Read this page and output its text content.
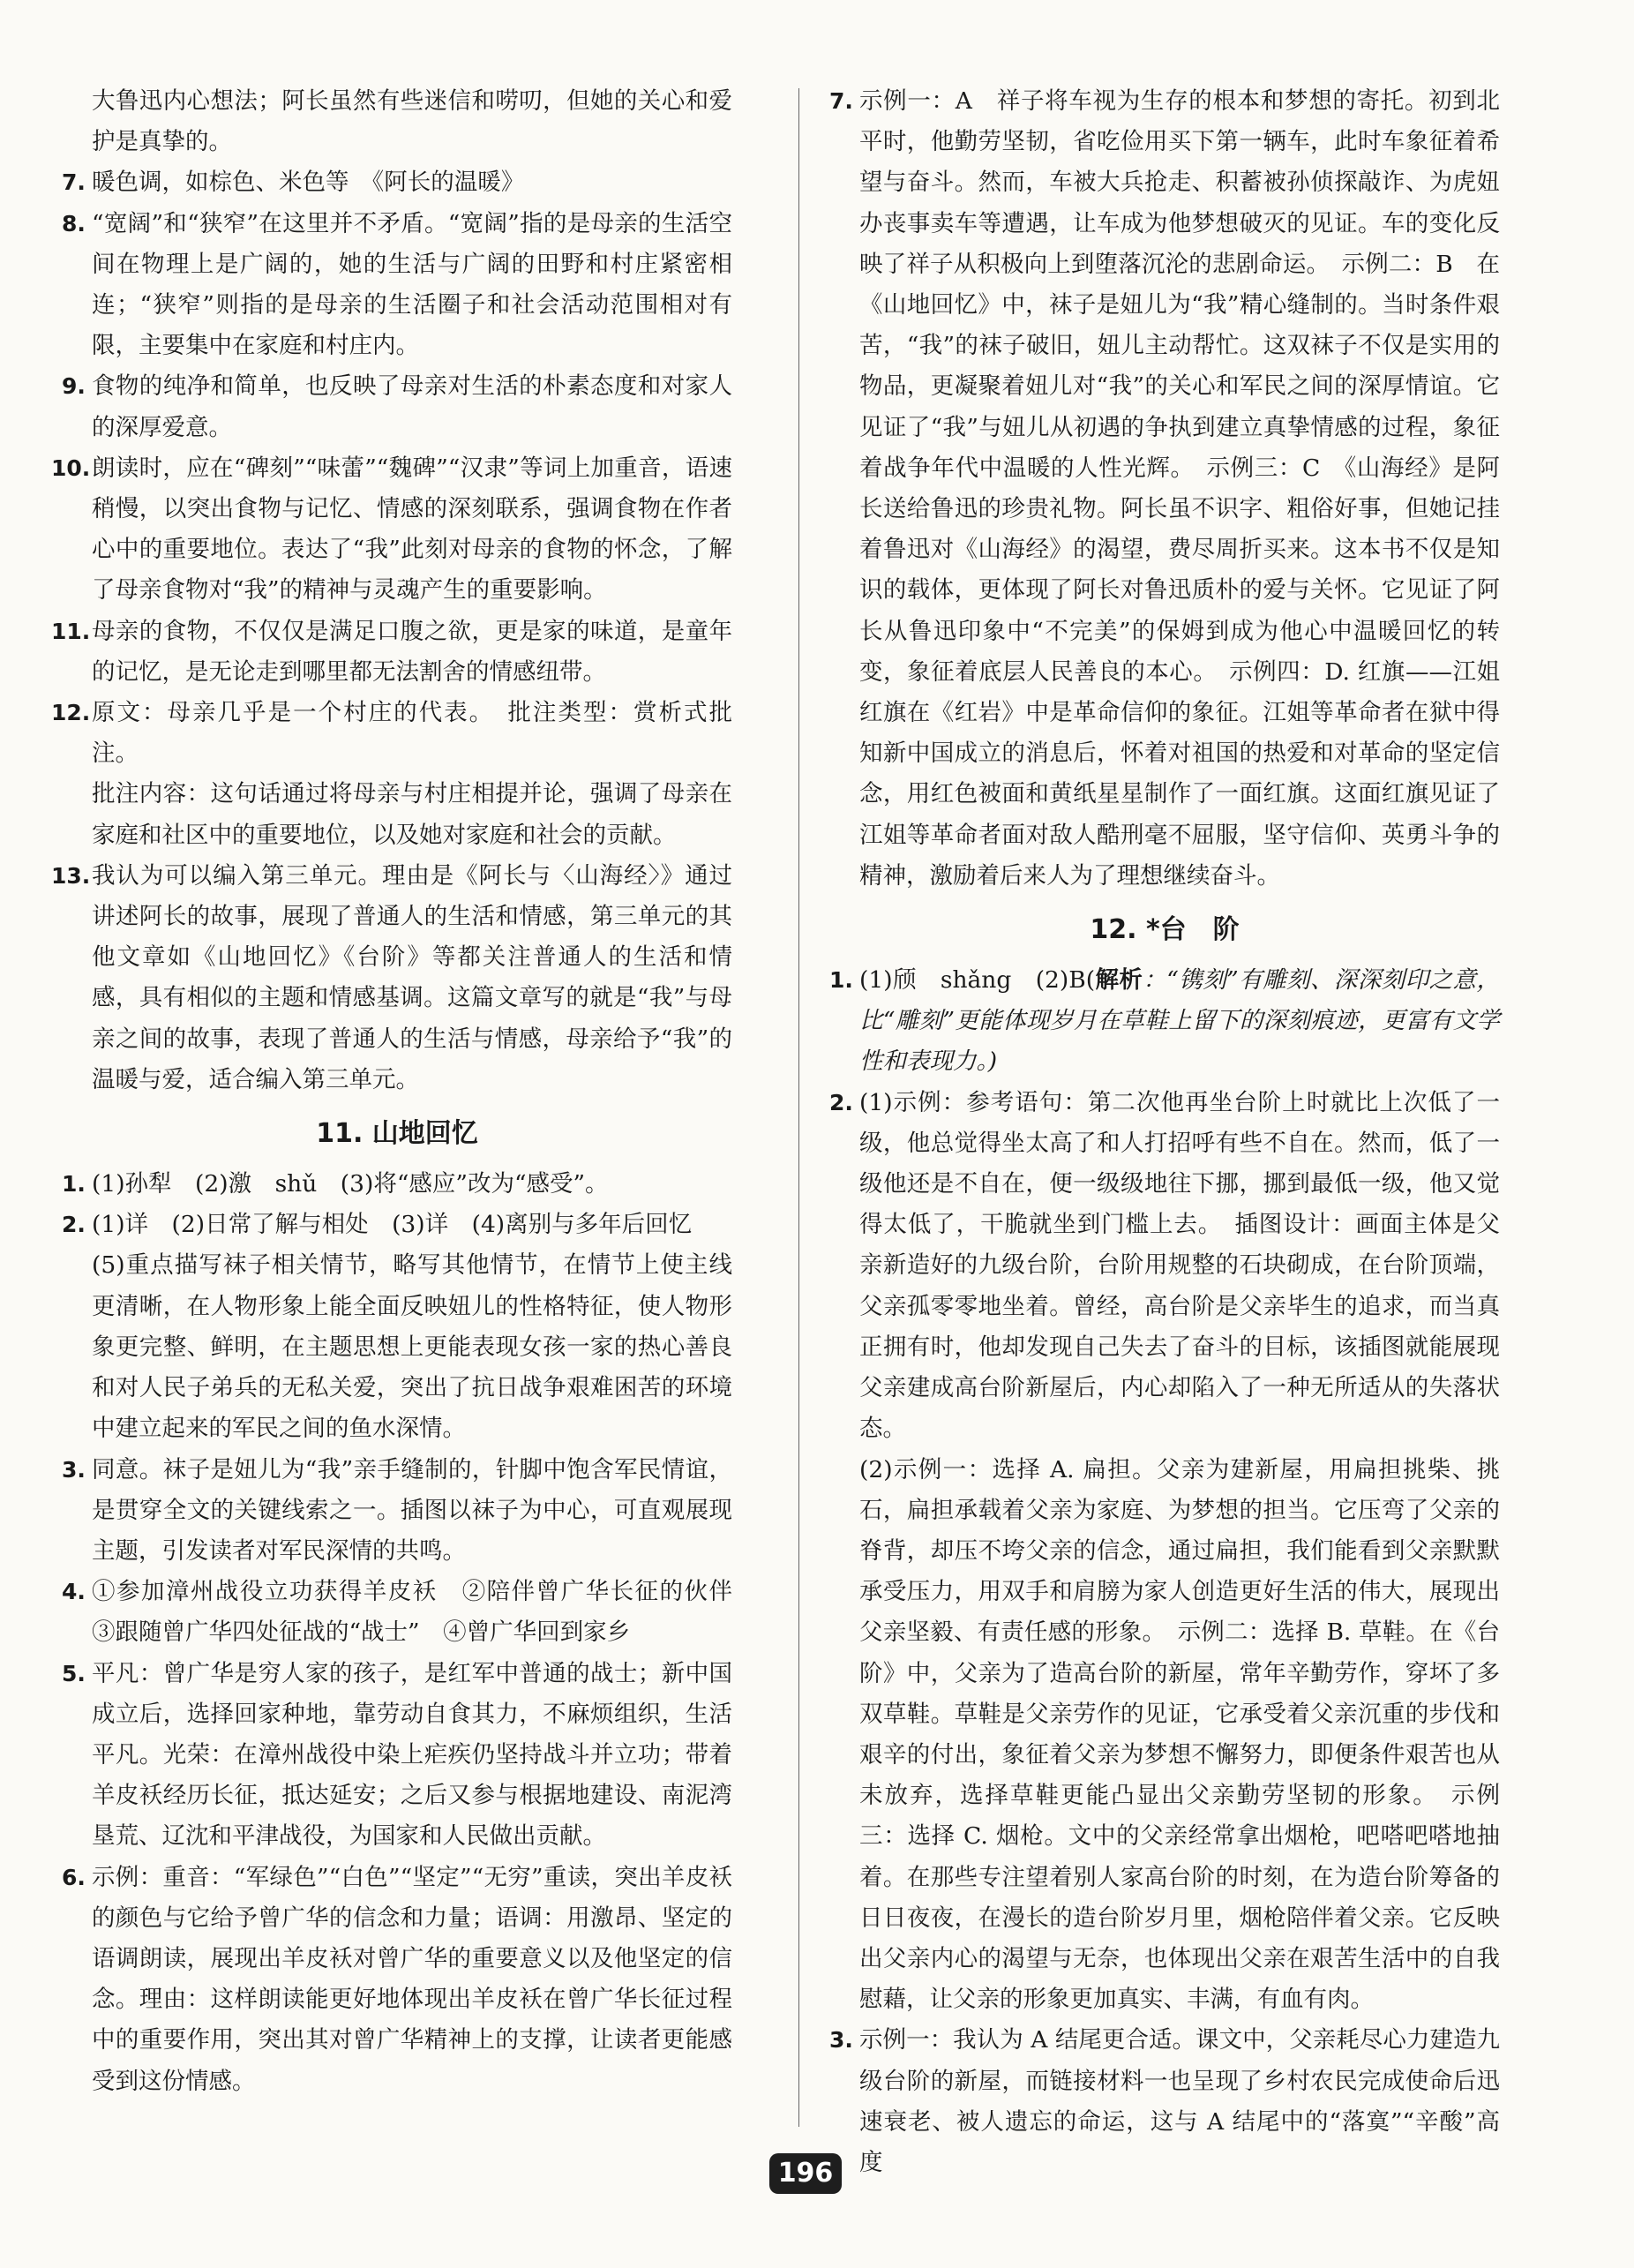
大鲁迅内心想法；阿长虽然有些迷信和唠叨，但她的关心和爱护是真挚的。

7. 暖色调，如棕色、米色等　《阿长的温暖》

8. “宽阔”和“狭窄”在这里并不矛盾。“宽阔”指的是母亲的生活空间在物理上是广阔的，她的生活与广阔的田野和村庄紧密相连；“狭窄”则指的是母亲的生活圈子和社会活动范围相对有限，主要集中在家庭和村庄内。

9. 食物的纯净和简单，也反映了母亲对生活的朴素态度和对家人的深厚爱意。

10. 朗读时，应在“碑刻”“味蕾”“魏碑”“汉隶”等词上加重音，语速稍慢，以突出食物与记忆、情感的深刻联系，强调食物在作者心中的重要地位。表达了“我”此刻对母亲的食物的怀念，了解了母亲食物对“我”的精神与灵魂产生的重要影响。

11. 母亲的食物，不仅仅是满足口腹之欲，更是家的味道，是童年的记忆，是无论走到哪里都无法割舍的情感纽带。

12. 原文：母亲几乎是一个村庄的代表。　批注类型：赏析式批注。

批注内容：这句话通过将母亲与村庄相提并论，强调了母亲在家庭和社区中的重要地位，以及她对家庭和社会的贡献。

13. 我认为可以编入第三单元。理由是《阿长与〈山海经〉》通过讲述阿长的故事，展现了普通人的生活和情感，第三单元的其他文章如《山地回忆》《台阶》等都关注普通人的生活和情感，具有相似的主题和情感基调。这篇文章写的就是“我”与母亲之间的故事，表现了普通人的生活与情感，母亲给予“我”的温暖与爱，适合编入第三单元。

11. 山地回忆

1. (1)孙犁　(2)激　shǔ　(3)将“感应”改为“感受”。

2. (1)详　(2)日常了解与相处　(3)详　(4)离别与多年后回忆

(5)重点描写袜子相关情节，略写其他情节，在情节上使主线更清晰，在人物形象上能全面反映妞儿的性格特征，使人物形象更完整、鲜明，在主题思想上更能表现女孩一家的热心善良和对人民子弟兵的无私关爱，突出了抗日战争艰难困苦的环境中建立起来的军民之间的鱼水深情。

3. 同意。袜子是妞儿为“我”亲手缝制的，针脚中饱含军民情谊，是贯穿全文的关键线索之一。插图以袜子为中心，可直观展现主题，引发读者对军民深情的共鸣。

4. ①参加漳州战役立功获得羊皮袄　②陪伴曾广华长征的伙伴　③跟随曾广华四处征战的“战士”　④曾广华回到家乡

5. 平凡：曾广华是穷人家的孩子，是红军中普通的战士；新中国成立后，选择回家种地，靠劳动自食其力，不麻烦组织，生活平凡。光荣：在漳州战役中染上疟疾仍坚持战斗并立功；带着羊皮袄经历长征，抵达延安；之后又参与根据地建设、南泥湾垦荒、辽沈和平津战役，为国家和人民做出贡献。

6. 示例：重音：“军绿色”“白色”“坚定”“无穷”重读，突出羊皮袄的颜色与它给予曾广华的信念和力量；语调：用激昂、坚定的语调朗读，展现出羊皮袄对曾广华的重要意义以及他坚定的信念。理由：这样朗读能更好地体现出羊皮袄在曾广华长征过程中的重要作用，突出其对曾广华精神上的支撑，让读者更能感受到这份情感。

7. 示例一：A　祥子将车视为生存的根本和梦想的寄托。初到北平时，他勤劳坚韧，省吃俭用买下第一辆车，此时车象征着希望与奋斗。然而，车被大兵抢走、积蓄被孙侦探敲诈、为虎妞办丧事卖车等遭遇，让车成为他梦想破灭的见证。车的变化反映了祥子从积极向上到堕落沉沦的悲剧命运。　示例二：B　在《山地回忆》中，袜子是妞儿为“我”精心缝制的。当时条件艰苦，“我”的袜子破旧，妞儿主动帮忙。这双袜子不仅是实用的物品，更凝聚着妞儿对“我”的关心和军民之间的深厚情谊。它见证了“我”与妞儿从初遇的争执到建立真挚情感的过程，象征着战争年代中温暖的人性光辉。　示例三：C　《山海经》是阿长送给鲁迅的珍贵礼物。阿长虽不识字、粗俗好事，但她记挂着鲁迅对《山海经》的渴望，费尽周折买来。这本书不仅是知识的载体，更体现了阿长对鲁迅质朴的爱与关怀。它见证了阿长从鲁迅印象中“不完美”的保姆到成为他心中温暖回忆的转变，象征着底层人民善良的本心。　示例四：D. 红旗——江姐红旗在《红岩》中是革命信仰的象征。江姐等革命者在狱中得知新中国成立的消息后，怀着对祖国的热爱和对革命的坚定信念，用红色被面和黄纸星星制作了一面红旗。这面红旗见证了江姐等革命者面对敌人酷刑毫不屈服，坚守信仰、英勇斗争的精神，激励着后来人为了理想继续奋斗。

12. *台　阶

1. (1)颀　shǎng　(2)B(解析：“镌刻”有雕刻、深深刻印之意，比“雕刻”更能体现岁月在草鞋上留下的深刻痕迹，更富有文学性和表现力。)

2. (1)示例：参考语句：第二次他再坐台阶上时就比上次低了一级，他总觉得坐太高了和人打招呼有些不自在。然而，低了一级他还是不自在，便一级级地往下挪，挪到最低一级，他又觉得太低了，干脆就坐到门槛上去。　插图设计：画面主体是父亲新造好的九级台阶，台阶用规整的石块砌成，在台阶顶端，父亲孤零零地坐着。曾经，高台阶是父亲毕生的追求，而当真正拥有时，他却发现自己失去了奋斗的目标，该插图就能展现父亲建成高台阶新屋后，内心却陷入了一种无所适从的失落状态。

(2)示例一：选择 A. 扁担。父亲为建新屋，用扁担挑柴、挑石，扁担承载着父亲为家庭、为梦想的担当。它压弯了父亲的脊背，却压不垮父亲的信念，通过扁担，我们能看到父亲默默承受压力，用双手和肩膀为家人创造更好生活的伟大，展现出父亲坚毅、有责任感的形象。　示例二：选择 B. 草鞋。在《台阶》中，父亲为了造高台阶的新屋，常年辛勤劳作，穿坏了多双草鞋。草鞋是父亲劳作的见证，它承受着父亲沉重的步伐和艰辛的付出，象征着父亲为梦想不懈努力，即便条件艰苦也从未放弃，选择草鞋更能凸显出父亲勤劳坚韧的形象。　示例三：选择 C. 烟枪。文中的父亲经常拿出烟枪，吧嗒吧嗒地抽着。在那些专注望着别人家高台阶的时刻，在为造台阶筹备的日日夜夜，在漫长的造台阶岁月里，烟枪陪伴着父亲。它反映出父亲内心的渴望与无奈，也体现出父亲在艰苦生活中的自我慰藉，让父亲的形象更加真实、丰满，有血有肉。

3. 示例一：我认为 A 结尾更合适。课文中，父亲耗尽心力建造九级台阶的新屋，而链接材料一也呈现了乡村农民完成使命后迅速衰老、被人遗忘的命运，这与 A 结尾中的“落寞”“辛酸”高度

196
